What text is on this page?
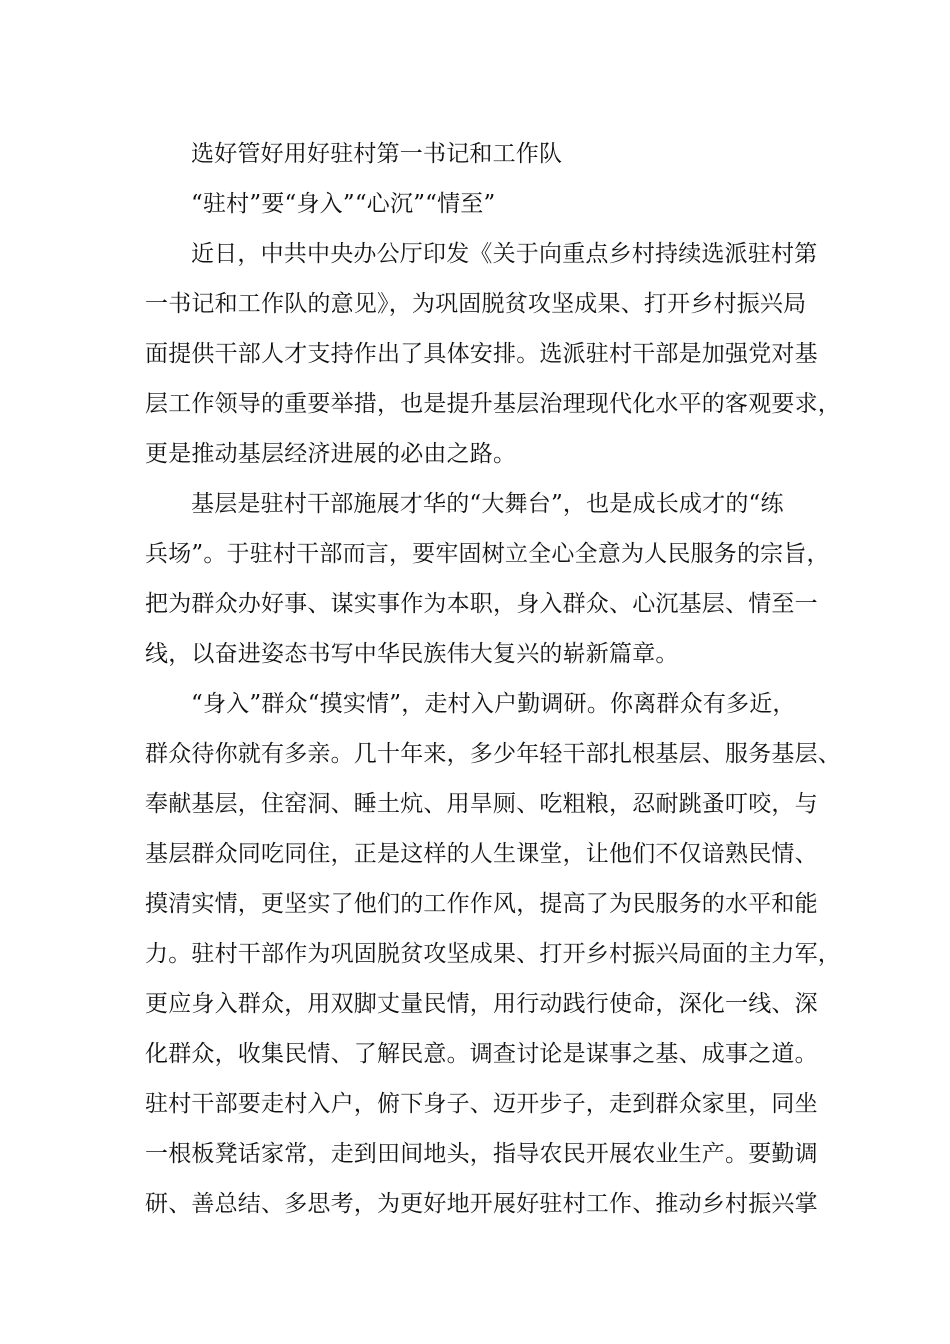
选好管好用好驻村第一书记和工作队
“驻村”要“身入”“心沉”“情至”
近日，中共中央办公厅印发《关于向重点乡村持续选派驻村第
一书记和工作队的意见》，为巩固脱贫攻坚成果、打开乡村振兴局
面提供干部人才支持作出了具体安排。选派驻村干部是加强党对基
层工作领导的重要举措，也是提升基层治理现代化水平的客观要求，
更是推动基层经济进展的必由之路。
基层是驻村干部施展才华的“大舞台”，也是成长成才的“练
兵场”。于驻村干部而言，要牢固树立全心全意为人民服务的宗旨，
把为群众办好事、谋实事作为本职，身入群众、心沉基层、情至一
线，以奋进姿态书写中华民族伟大复兴的崭新篇章。
“身入”群众“摸实情”，走村入户勤调研。你离群众有多近，
群众待你就有多亲。几十年来，多少年轻干部扎根基层、服务基层、
奉献基层，住窑洞、睡土炕、用旱厕、吃粗粮，忍耐跳蚤叮咬，与
基层群众同吃同住，正是这样的人生课堂，让他们不仅谙熟民情、
摸清实情，更坚实了他们的工作作风，提高了为民服务的水平和能
力。驻村干部作为巩固脱贫攻坚成果、打开乡村振兴局面的主力军，
更应身入群众，用双脚丈量民情，用行动践行使命，深化一线、深
化群众，收集民情、了解民意。调查讨论是谋事之基、成事之道。
驻村干部要走村入户，俯下身子、迈开步子，走到群众家里，同坐
一根板凳话家常，走到田间地头，指导农民开展农业生产。要勤调
研、善总结、多思考，为更好地开展好驻村工作、推动乡村振兴掌
